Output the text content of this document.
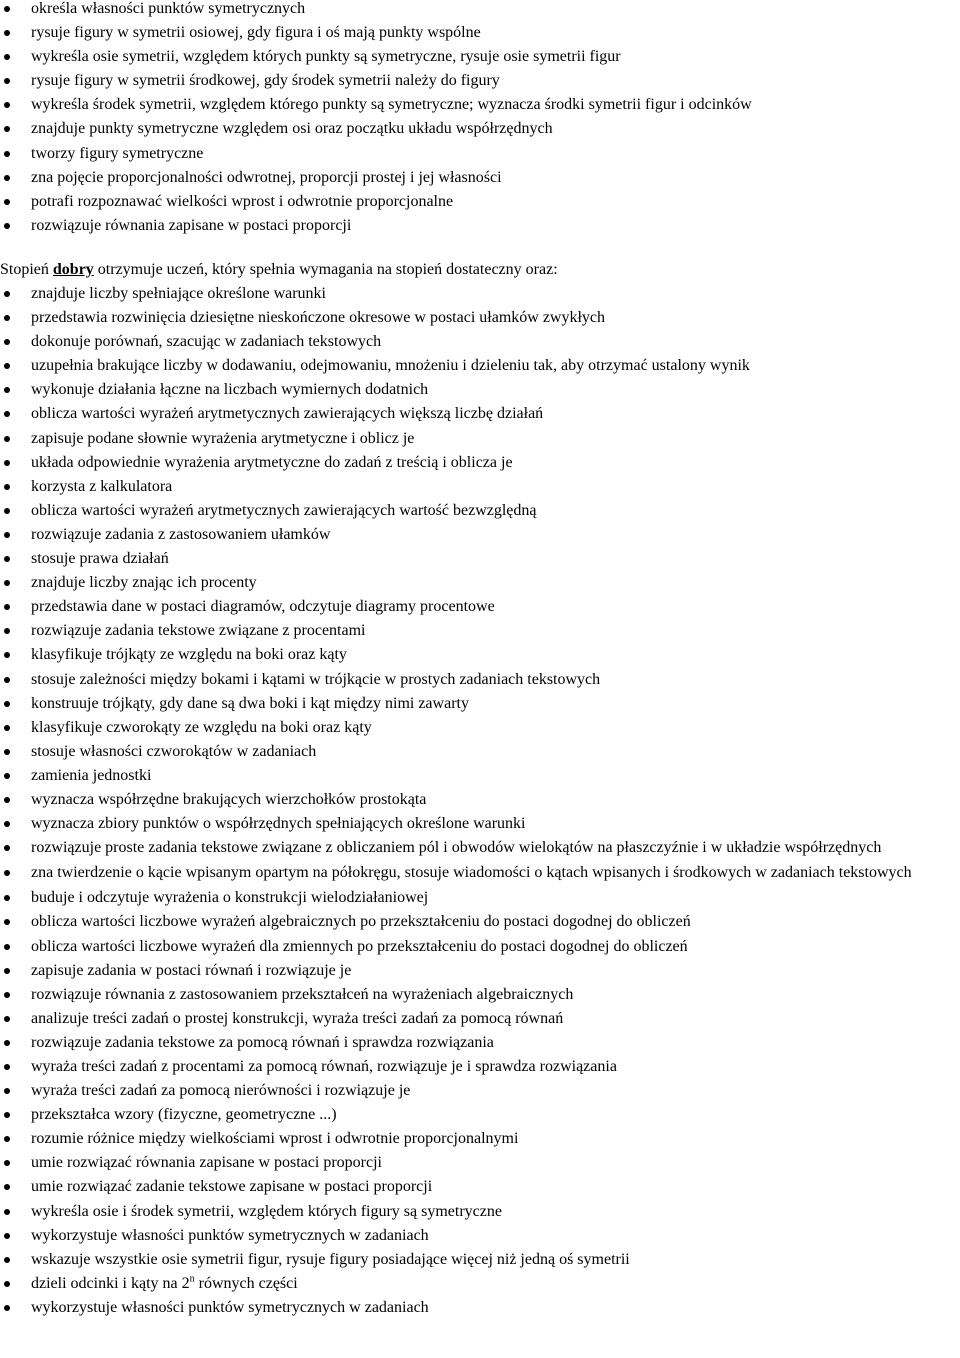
określa własności punktów symetrycznych
rysuje figury w symetrii osiowej, gdy figura i oś mają punkty wspólne
wykreśla osie symetrii, względem których punkty są symetryczne, rysuje osie symetrii figur
rysuje figury w symetrii środkowej, gdy środek symetrii należy do figury
wykreśla środek symetrii, względem którego punkty są symetryczne; wyznacza środki symetrii figur i odcinków
znajduje punkty symetryczne względem osi oraz początku układu współrzędnych
tworzy figury symetryczne
zna pojęcie proporcjonalności odwrotnej, proporcji prostej i jej własności
potrafi rozpoznawać wielkości wprost i odwrotnie proporcjonalne
rozwiązuje równania zapisane w postaci proporcji

Stopień dobry otrzymuje uczeń, który spełnia wymagania na stopień dostateczny oraz:

znajduje liczby spełniające określone warunki
przedstawia rozwinięcia dziesiętne nieskończone okresowe w postaci ułamków zwykłych
dokonuje porównań, szacując w zadaniach tekstowych
uzupełnia brakujące liczby w dodawaniu, odejmowaniu, mnożeniu i dzieleniu tak, aby otrzymać ustalony wynik
wykonuje działania łączne na liczbach wymiernych dodatnich
oblicza wartości wyrażeń arytmetycznych zawierających większą liczbę działań
zapisuje podane słownie wyrażenia arytmetyczne i oblicz je
układa odpowiednie wyrażenia arytmetyczne do zadań z treścią i oblicza je
korzysta z kalkulatora
oblicza wartości wyrażeń arytmetycznych zawierających wartość bezwzględną
rozwiązuje zadania z zastosowaniem ułamków
stosuje prawa działań
znajduje liczby znając ich procenty
przedstawia dane w postaci diagramów, odczytuje diagramy procentowe
rozwiązuje zadania tekstowe związane z procentami
klasyfikuje trójkąty ze względu na boki oraz kąty
stosuje zależności między bokami i kątami w trójkącie w prostych zadaniach tekstowych
konstruuje trójkąty, gdy dane są dwa boki i kąt między nimi zawarty
klasyfikuje czworokąty ze względu na boki oraz kąty
stosuje własności czworokątów w zadaniach
zamienia jednostki
wyznacza współrzędne brakujących wierzchołków prostokąta
wyznacza zbiory punktów o współrzędnych spełniających określone warunki
rozwiązuje proste zadania tekstowe związane z obliczaniem pól i obwodów wielokątów na płaszczyźnie i w układzie współrzędnych
zna twierdzenie o kącie wpisanym opartym na półokręgu, stosuje wiadomości o kątach wpisanych i środkowych w zadaniach tekstowych
buduje i odczytuje wyrażenia o konstrukcji wielodziałaniowej
oblicza wartości liczbowe wyrażeń algebraicznych po przekształceniu do postaci dogodnej do obliczeń
oblicza wartości liczbowe wyrażeń dla zmiennych po przekształceniu do postaci dogodnej do obliczeń
zapisuje zadania w postaci równań i rozwiązuje je
rozwiązuje równania z zastosowaniem przekształceń na wyrażeniach algebraicznych
analizuje treści zadań o prostej konstrukcji, wyraża treści zadań za pomocą równań
rozwiązuje zadania tekstowe za pomocą równań i sprawdza rozwiązania
wyraża treści zadań z procentami za pomocą równań, rozwiązuje je i sprawdza rozwiązania
wyraża treści zadań za pomocą nierówności i rozwiązuje je
przekształca wzory (fizyczne, geometryczne ...)
rozumie różnice między wielkościami wprost i odwrotnie proporcjonalnymi
umie rozwiązać równania zapisane w postaci proporcji
umie rozwiązać zadanie tekstowe zapisane w postaci proporcji
wykreśla osie i środek symetrii, względem których figury są symetryczne
wykorzystuje własności punktów symetrycznych w zadaniach
wskazuje wszystkie osie symetrii figur, rysuje figury posiadające więcej niż jedną oś symetrii
dzieli odcinki i kąty na 2$^n$ równych części
wykorzystuje własności punktów symetrycznych w zadaniach
